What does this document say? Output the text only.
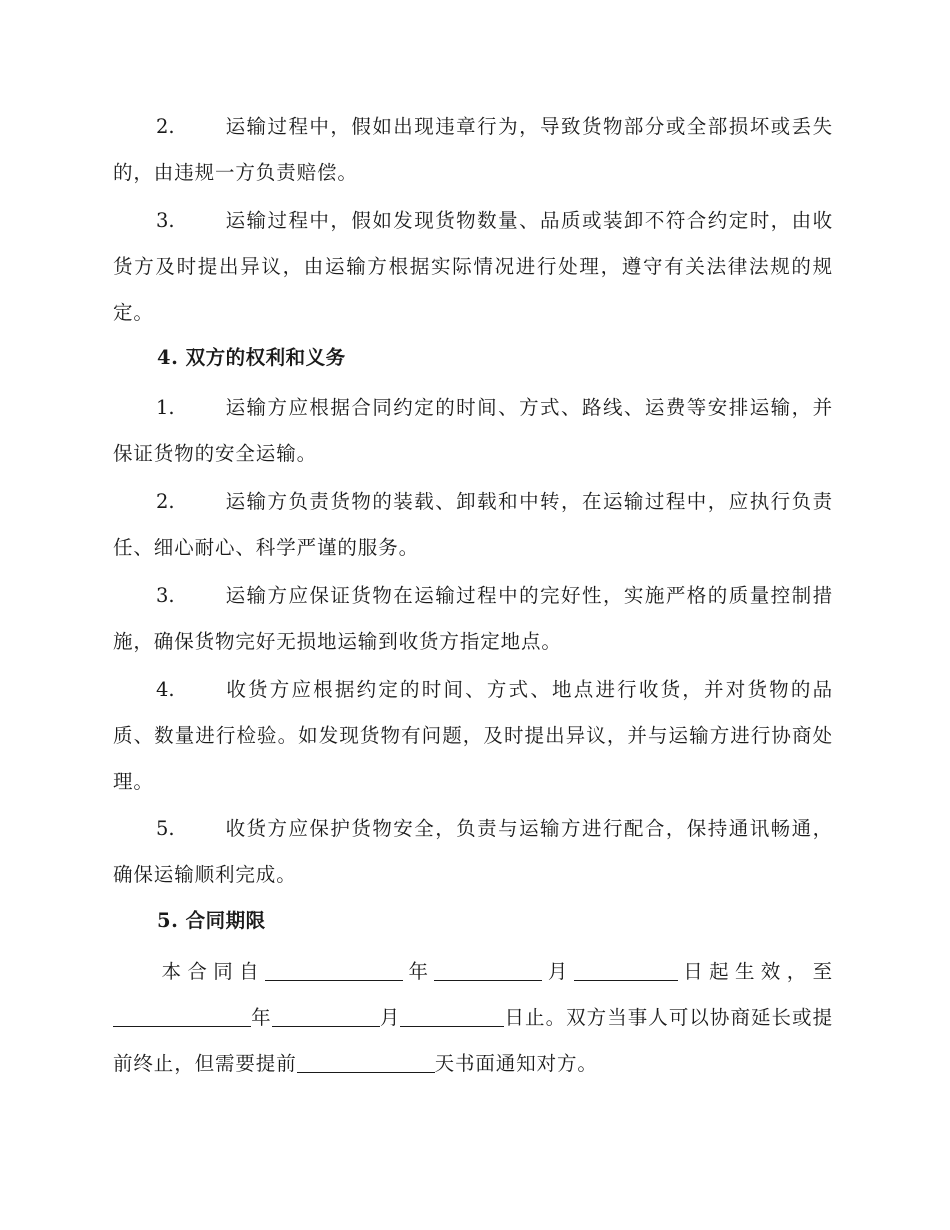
2.	运输过程中，假如出现违章行为，导致货物部分或全部损坏或丢失的，由违规一方负责赔偿。

3.	运输过程中，假如发现货物数量、品质或装卸不符合约定时，由收货方及时提出异议，由运输方根据实际情况进行处理，遵守有关法律法规的规定。

4. 双方的权利和义务

1.	运输方应根据合同约定的时间、方式、路线、运费等安排运输，并保证货物的安全运输。

2.	运输方负责货物的装载、卸载和中转，在运输过程中，应执行负责任、细心耐心、科学严谨的服务。

3.	运输方应保证货物在运输过程中的完好性，实施严格的质量控制措施，确保货物完好无损地运输到收货方指定地点。

4.	收货方应根据约定的时间、方式、地点进行收货，并对货物的品质、数量进行检验。如发现货物有问题，及时提出异议，并与运输方进行协商处理。

5.	收货方应保护货物安全，负责与运输方进行配合，保持通讯畅通，确保运输顺利完成。

5. 合同期限

本合同自	年	月	日起生效，至年	月	日止。双方当事人可以协商延长或提前终止，但需要提前	天书面通知对方。
